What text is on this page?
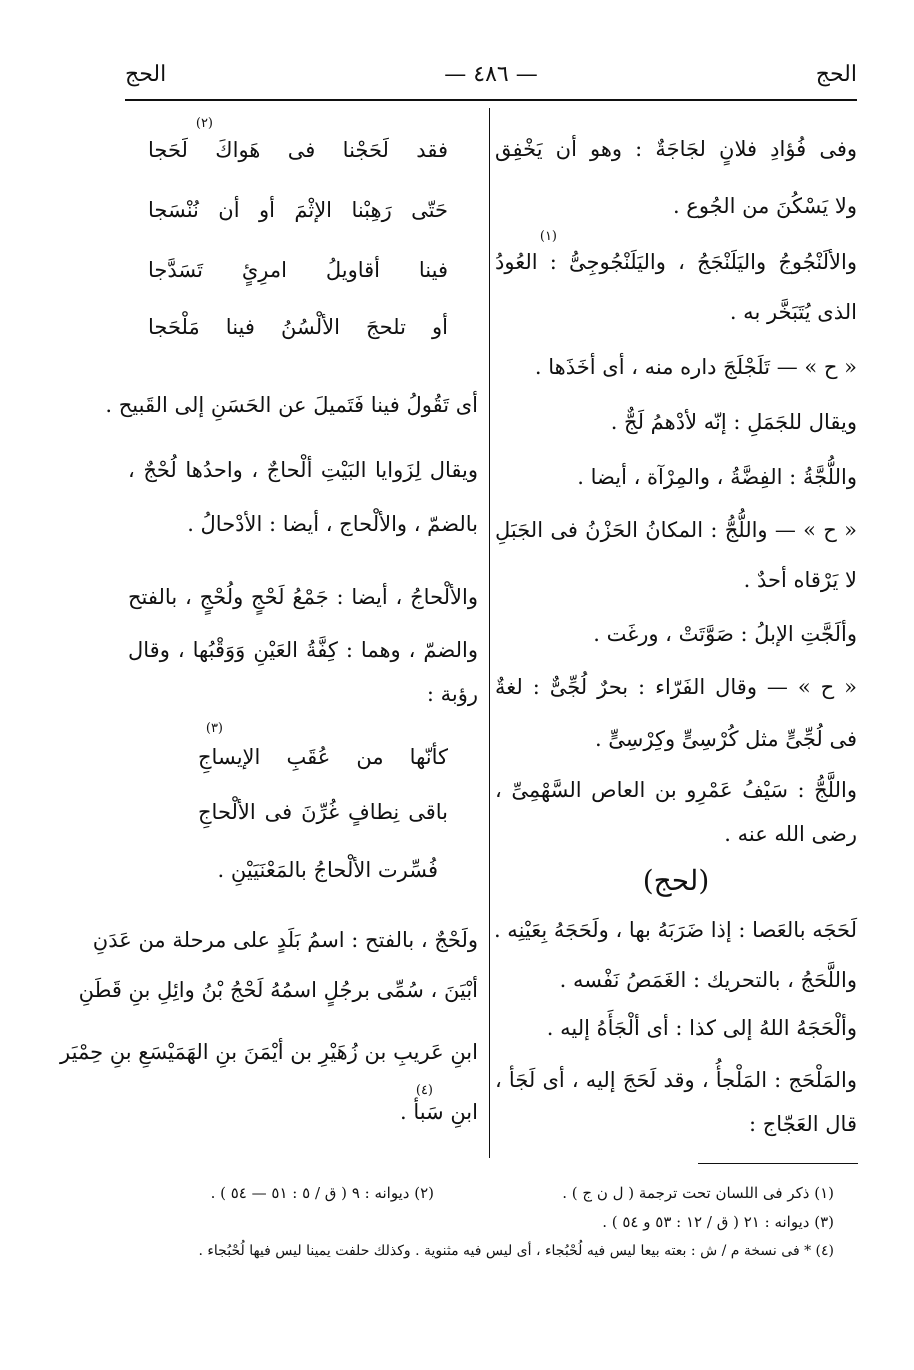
الحج
— ٤٨٦ —
الحج
وفى فُؤادِ فلانٍ لجَاجَةٌ : وهو أن يَخْفِق
ولا يَسْكُنَ من الجُوع .
(١)
والألَنْجُوجُ واليَلَنْجَجُ ، واليَلَنْجُوجِىُّ : العُودُ
الذى يُتَبَخَّر به .
« ح » — تَلَجْلَجَ داره منه ، أى أخَذَها .
ويقال للجَمَلِ : إنّه لأدْهمُ لَجٌّ .
واللُّجَّةُ : الفِضَّةُ ، والمِرْآة ، أيضا .
« ح » — واللُّجُّ : المكانُ الحَزْنُ فى الجَبَلِ
لا يَرْقاه أحدٌ .
وألَجَّتِ الإبلُ : صَوَّتَتْ ، ورغَت .
« ح » — وقال الفَرّاء : بحرٌ لُجِّىٌّ : لغةٌ
فى لُجِّىٍّ مثل كُرْسِىٍّ وكِرْسِىٍّ .
واللَّجُّ : سَيْفُ عَمْرِو بن العاص السَّهْمِىِّ ،
رضى الله عنه .
(لحج)
لَحَجَه بالعَصا : إذا ضَرَبَهُ بها ، ولَحَجَهُ بِعَيْنِه .
واللَّحَجُ ، بالتحريك : الغَمَصُ نَفْسه .
وألْحَجَهُ اللهُ إلى كذا : أى ألْجَأَهُ إليه .
والمَلْحَج : المَلْجأُ ، وقد لَحَجَ إليه ، أى لَجَأ ،
قال العَجّاج :
(٢)
فقد لَحَجْنا فى هَواكَ لَحَجا
حَتّى رَهِبْنا الإثْمَ أو أن نُنْسَجا
فينا أقاويلُ امرِئٍ تَسَدَّجا
أو تلحجَ الألْسُنُ فينا مَلْحَجا
أى تَقُولُ فينا فَتَميلَ عن الحَسَنِ إلى القَبيح .
ويقال لِزَوايا البَيْتِ ألْحاجٌ ، واحدُها لُحْجٌ ،
بالضمّ ، والألْحاج ، أيضا : الأدْحالُ .
والألْحاجُ ، أيضا : جَمْعُ لَحْجٍ ولُحْجٍ ، بالفتح
والضمّ ، وهما : كِفَّةُ العَيْنِ وَوَقْبُها ، وقال
رؤبة :
(٣)
كأنّها من عُقَبِ الإيساجِ
باقى نِطافٍ غُرِّنَ فى الألْحاجِ
فُسِّرت الألْحاجُ بالمَعْنَيَيْنِ .
ولَحْجٌ ، بالفتح : اسمُ بَلَدٍ على مرحلة من عَدَنِ
أبْيَنَ ، سُمِّى برجُلٍ اسمُهُ لَحْجُ بْنُ وائِلِ بنِ قَطَنِ
ابنِ عَريبِ بن زُهَيْرِ بن أيْمَنَ بنِ الهَمَيْسَعِ بنِ حِمْيَر
(٤)
ابنِ سَبأ .
(١) ذكر فى اللسان تحت ترجمة ( ل ن ج ) .
(٢) ديوانه : ٩ ( ق / ٥ : ٥١ — ٥٤ ) .
(٣) ديوانه : ٢١ ( ق / ١٢ : ٥٣ و ٥٤ ) .
(٤) * فى نسخة م / ش : بعته بيعا ليس فيه لُحْبُجاء ، أى ليس فيه مثنوية . وكذلك حلفت يمينا ليس فيها لُحْبُجاء .
